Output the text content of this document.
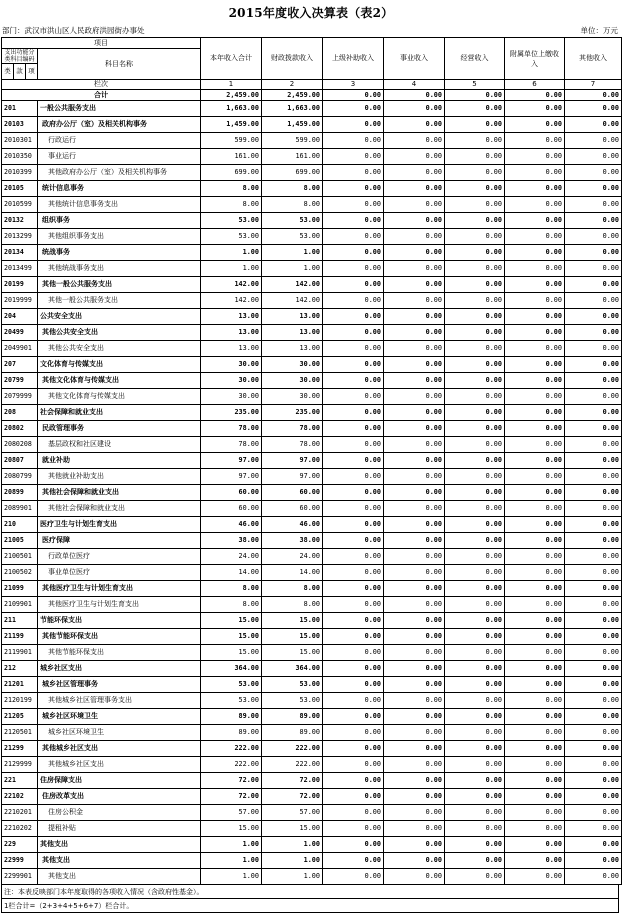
2015年度收入决算表（表2）
部门：武汉市洪山区人民政府洪园街办事处	单位：万元
项目				本年收入合计	财政拨款收入	上级补助收入	事业收入	经营收入	附属单位上缴收入	其他收入
支出功能分类科目编码			科目名称							
类	款	项								
栏次				1	2	3	4	5	6	7
合计				2,459.00	2,459.00	0.00	0.00	0.00	0.00	0.00
201			一般公共服务支出	1,663.00	1,663.00	0.00	0.00	0.00	0.00	0.00
20103			政府办公厅（室）及相关机构事务	1,459.00	1,459.00	0.00	0.00	0.00	0.00	0.00
2010301			行政运行	599.00	599.00	0.00	0.00	0.00	0.00	0.00
2010350			事业运行	161.00	161.00	0.00	0.00	0.00	0.00	0.00
2010399			其他政府办公厅（室）及相关机构事务	699.00	699.00	0.00	0.00	0.00	0.00	0.00
20105			统计信息事务	8.00	8.00	0.00	0.00	0.00	0.00	0.00
2010599			其他统计信息事务支出	8.00	8.00	0.00	0.00	0.00	0.00	0.00
20132			组织事务	53.00	53.00	0.00	0.00	0.00	0.00	0.00
2013299			其他组织事务支出	53.00	53.00	0.00	0.00	0.00	0.00	0.00
20134			统战事务	1.00	1.00	0.00	0.00	0.00	0.00	0.00
2013499			其他统战事务支出	1.00	1.00	0.00	0.00	0.00	0.00	0.00
20199			其他一般公共服务支出	142.00	142.00	0.00	0.00	0.00	0.00	0.00
2019999			其他一般公共服务支出	142.00	142.00	0.00	0.00	0.00	0.00	0.00
204			公共安全支出	13.00	13.00	0.00	0.00	0.00	0.00	0.00
20499			其他公共安全支出	13.00	13.00	0.00	0.00	0.00	0.00	0.00
2049901			其他公共安全支出	13.00	13.00	0.00	0.00	0.00	0.00	0.00
207			文化体育与传媒支出	30.00	30.00	0.00	0.00	0.00	0.00	0.00
20799			其他文化体育与传媒支出	30.00	30.00	0.00	0.00	0.00	0.00	0.00
2079999			其他文化体育与传媒支出	30.00	30.00	0.00	0.00	0.00	0.00	0.00
208			社会保障和就业支出	235.00	235.00	0.00	0.00	0.00	0.00	0.00
20802			民政管理事务	78.00	78.00	0.00	0.00	0.00	0.00	0.00
2080208			基层政权和社区建设	78.00	78.00	0.00	0.00	0.00	0.00	0.00
20807			就业补助	97.00	97.00	0.00	0.00	0.00	0.00	0.00
2080799			其他就业补助支出	97.00	97.00	0.00	0.00	0.00	0.00	0.00
20899			其他社会保障和就业支出	60.00	60.00	0.00	0.00	0.00	0.00	0.00
2089901			其他社会保障和就业支出	60.00	60.00	0.00	0.00	0.00	0.00	0.00
210			医疗卫生与计划生育支出	46.00	46.00	0.00	0.00	0.00	0.00	0.00
21005			医疗保障	38.00	38.00	0.00	0.00	0.00	0.00	0.00
2100501			行政单位医疗	24.00	24.00	0.00	0.00	0.00	0.00	0.00
2100502			事业单位医疗	14.00	14.00	0.00	0.00	0.00	0.00	0.00
21099			其他医疗卫生与计划生育支出	8.00	8.00	0.00	0.00	0.00	0.00	0.00
2109901			其他医疗卫生与计划生育支出	8.00	8.00	0.00	0.00	0.00	0.00	0.00
211			节能环保支出	15.00	15.00	0.00	0.00	0.00	0.00	0.00
21199			其他节能环保支出	15.00	15.00	0.00	0.00	0.00	0.00	0.00
2119901			其他节能环保支出	15.00	15.00	0.00	0.00	0.00	0.00	0.00
212			城乡社区支出	364.00	364.00	0.00	0.00	0.00	0.00	0.00
21201			城乡社区管理事务	53.00	53.00	0.00	0.00	0.00	0.00	0.00
2120199			其他城乡社区管理事务支出	53.00	53.00	0.00	0.00	0.00	0.00	0.00
21205			城乡社区环境卫生	89.00	89.00	0.00	0.00	0.00	0.00	0.00
2120501			城乡社区环境卫生	89.00	89.00	0.00	0.00	0.00	0.00	0.00
21299			其他城乡社区支出	222.00	222.00	0.00	0.00	0.00	0.00	0.00
2129999			其他城乡社区支出	222.00	222.00	0.00	0.00	0.00	0.00	0.00
221			住房保障支出	72.00	72.00	0.00	0.00	0.00	0.00	0.00
22102			住房改革支出	72.00	72.00	0.00	0.00	0.00	0.00	0.00
2210201			住房公积金	57.00	57.00	0.00	0.00	0.00	0.00	0.00
2210202			提租补贴	15.00	15.00	0.00	0.00	0.00	0.00	0.00
229			其他支出	1.00	1.00	0.00	0.00	0.00	0.00	0.00
22999			其他支出	1.00	1.00	0.00	0.00	0.00	0.00	0.00
2299901			其他支出	1.00	1.00	0.00	0.00	0.00	0.00	0.00
注：本表反映部门本年度取得的各项收入情况（含政府性基金）。
1栏合计=（2+3+4+5+6+7）栏合计。
